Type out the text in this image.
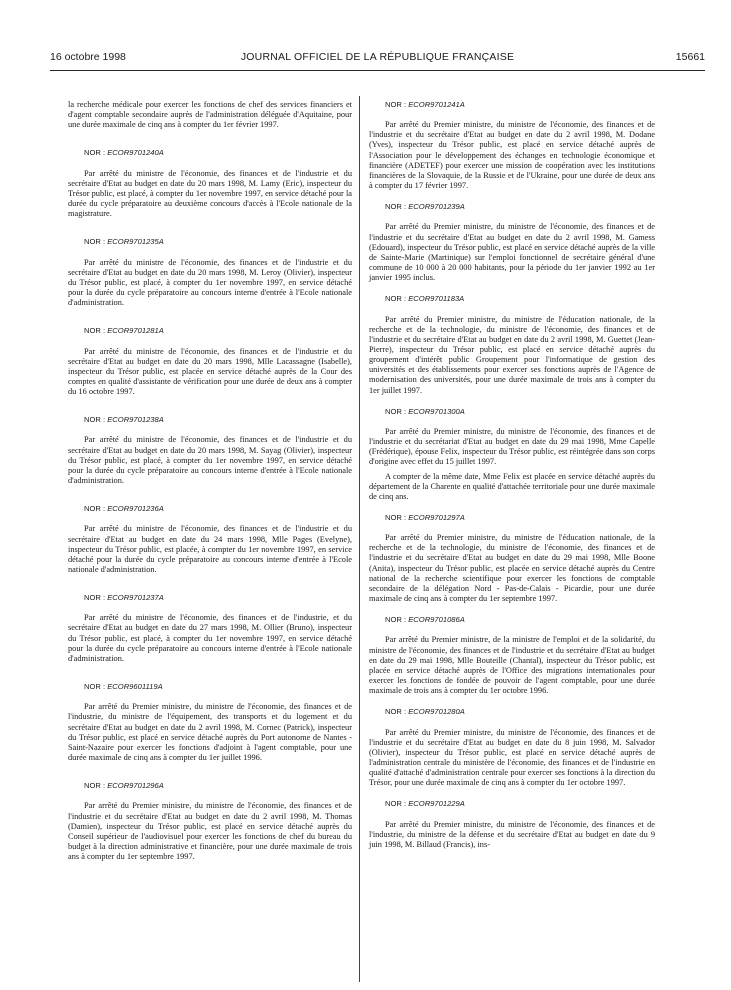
16 octobre 1998	JOURNAL OFFICIEL DE LA RÉPUBLIQUE FRANÇAISE	15661

la recherche médicale pour exercer les fonctions de chef des services financiers et d'agent comptable secondaire auprès de l'administration déléguée d'Aquitaine, pour une durée maximale de cinq ans à compter du 1er février 1997.

NOR : ECOR9701240A

Par arrêté du ministre de l'économie, des finances et de l'industrie et du secrétaire d'Etat au budget en date du 20 mars 1998, M. Lamy (Eric), inspecteur du Trésor public, est placé, à compter du 1er novembre 1997, en service détaché pour la durée du cycle préparatoire au deuxième concours d'accès à l'Ecole nationale de la magistrature.

NOR : ECOR9701235A

Par arrêté du ministre de l'économie, des finances et de l'industrie et du secrétaire d'Etat au budget en date du 20 mars 1998, M. Leroy (Olivier), inspecteur du Trésor public, est placé, à compter du 1er novembre 1997, en service détaché pour la durée du cycle préparatoire au concours interne d'entrée à l'Ecole nationale d'administration.

NOR : ECOR9701281A

Par arrêté du ministre de l'économie, des finances et de l'industrie et du secrétaire d'Etat au budget en date du 20 mars 1998, Mlle Lacassagne (Isabelle), inspecteur du Trésor public, est placée en service détaché auprès de la Cour des comptes en qualité d'assistante de vérification pour une durée de deux ans à compter du 16 octobre 1997.

NOR : ECOR9701238A

Par arrêté du ministre de l'économie, des finances et de l'industrie et du secrétaire d'Etat au budget en date du 20 mars 1998, M. Sayag (Olivier), inspecteur du Trésor public, est placé, à compter du 1er novembre 1997, en service détaché pour la durée du cycle préparatoire au concours interne d'entrée à l'Ecole nationale d'administration.

NOR : ECOR9701236A

Par arrêté du ministre de l'économie, des finances et de l'industrie et du secrétaire d'Etat au budget en date du 24 mars 1998, Mlle Pages (Evelyne), inspecteur du Trésor public, est placée, à compter du 1er novembre 1997, en service détaché pour la durée du cycle préparatoire au concours interne d'entrée à l'Ecole nationale d'administration.

NOR : ECOR9701237A

Par arrêté du ministre de l'économie, des finances et de l'industrie, et du secrétaire d'Etat au budget en date du 27 mars 1998, M. Ollier (Bruno), inspecteur du Trésor public, est placé, à compter du 1er novembre 1997, en service détaché pour la durée du cycle préparatoire au concours interne d'entrée à l'Ecole nationale d'administration.

NOR : ECOR9601119A

Par arrêté du Premier ministre, du ministre de l'économie, des finances et de l'industrie, du ministre de l'équipement, des transports et du logement et du secrétaire d'Etat au budget en date du 2 avril 1998, M. Cornec (Patrick), inspecteur du Trésor public, est placé en service détaché auprès du Port autonome de Nantes - Saint-Nazaire pour exercer les fonctions d'adjoint à l'agent comptable, pour une durée maximale de cinq ans à compter du 1er juillet 1996.

NOR : ECOR9701296A

Par arrêté du Premier ministre, du ministre de l'économie, des finances et de l'industrie et du secrétaire d'Etat au budget en date du 2 avril 1998, M. Thomas (Damien), inspecteur du Trésor public, est placé en service détaché auprès du Conseil supérieur de l'audiovisuel pour exercer les fonctions de chef du bureau du budget à la direction administrative et financière, pour une durée maximale de trois ans à compter du 1er septembre 1997.

NOR : ECOR9701241A

Par arrêté du Premier ministre, du ministre de l'économie, des finances et de l'industrie et du secrétaire d'Etat au budget en date du 2 avril 1998, M. Dodane (Yves), inspecteur du Trésor public, est placé en service détaché auprès de l'Association pour le développement des échanges en technologie économique et financière (ADETEF) pour exercer une mission de coopération avec les institutions financières de la Slovaquie, de la Russie et de l'Ukraine, pour une durée de deux ans à compter du 17 février 1997.

NOR : ECOR9701239A

Par arrêté du Premier ministre, du ministre de l'économie, des finances et de l'industrie et du secrétaire d'Etat au budget en date du 2 avril 1998, M. Gamess (Edouard), inspecteur du Trésor public, est placé en service détaché auprès de la ville de Sainte-Marie (Martinique) sur l'emploi fonctionnel de secrétaire général d'une commune de 10 000 à 20 000 habitants, pour la période du 1er janvier 1992 au 1er janvier 1995 inclus.

NOR : ECOR9701183A

Par arrêté du Premier ministre, du ministre de l'éducation nationale, de la recherche et de la technologie, du ministre de l'économie, des finances et de l'industrie et du secrétaire d'Etat au budget en date du 2 avril 1998, M. Guettet (Jean-Pierre), inspecteur du Trésor public, est placé en service détaché auprès du groupement d'intérêt public Groupement pour l'informatique de gestion des universités et des établissements pour exercer ses fonctions auprès de l'Agence de modernisation des universités, pour une durée maximale de trois ans à compter du 1er juillet 1997.

NOR : ECOR9701300A

Par arrêté du Premier ministre, du ministre de l'économie, des finances et de l'industrie et du secrétariat d'Etat au budget en date du 29 mai 1998, Mme Capelle (Frédérique), épouse Felix, inspecteur du Trésor public, est réintégrée dans son corps d'origine avec effet du 15 juillet 1997.

A compter de la même date, Mme Felix est placée en service détaché auprès du département de la Charente en qualité d'attachée territoriale pour une durée maximale de cinq ans.

NOR : ECOR9701297A

Par arrêté du Premier ministre, du ministre de l'éducation nationale, de la recherche et de la technologie, du ministre de l'économie, des finances et de l'industrie et du secrétaire d'Etat au budget en date du 29 mai 1998, Mlle Boone (Anita), inspecteur du Trésor public, est placée en service détaché auprès du Centre national de la recherche scientifique pour exercer les fonctions de comptable secondaire de la délégation Nord - Pas-de-Calais - Picardie, pour une durée maximale de cinq ans à compter du 1er septembre 1997.

NOR : ECOR9701086A

Par arrêté du Premier ministre, de la ministre de l'emploi et de la solidarité, du ministre de l'économie, des finances et de l'industrie et du secrétaire d'Etat au budget en date du 29 mai 1998, Mlle Bouteille (Chantal), inspecteur du Trésor public, est placée en service détaché auprès de l'Office des migrations internationales pour exercer les fonctions de fondée de pouvoir de l'agent comptable, pour une durée maximale de trois ans à compter du 1er octobre 1996.

NOR : ECOR9701280A

Par arrêté du Premier ministre, du ministre de l'économie, des finances et de l'industrie et du secrétaire d'Etat au budget en date du 8 juin 1998, M. Salvador (Olivier), inspecteur du Trésor public, est placé en service détaché auprès de l'administration centrale du ministère de l'économie, des finances et de l'industrie en qualité d'attaché d'administration centrale pour exercer ses fonctions à la direction du Trésor, pour une durée maximale de cinq ans à compter du 1er octobre 1997.

NOR : ECOR9701229A

Par arrêté du Premier ministre, du ministre de l'économie, des finances et de l'industrie, du ministre de la défense et du secrétaire d'Etat au budget en date du 9 juin 1998, M. Billaud (Francis), ins-
